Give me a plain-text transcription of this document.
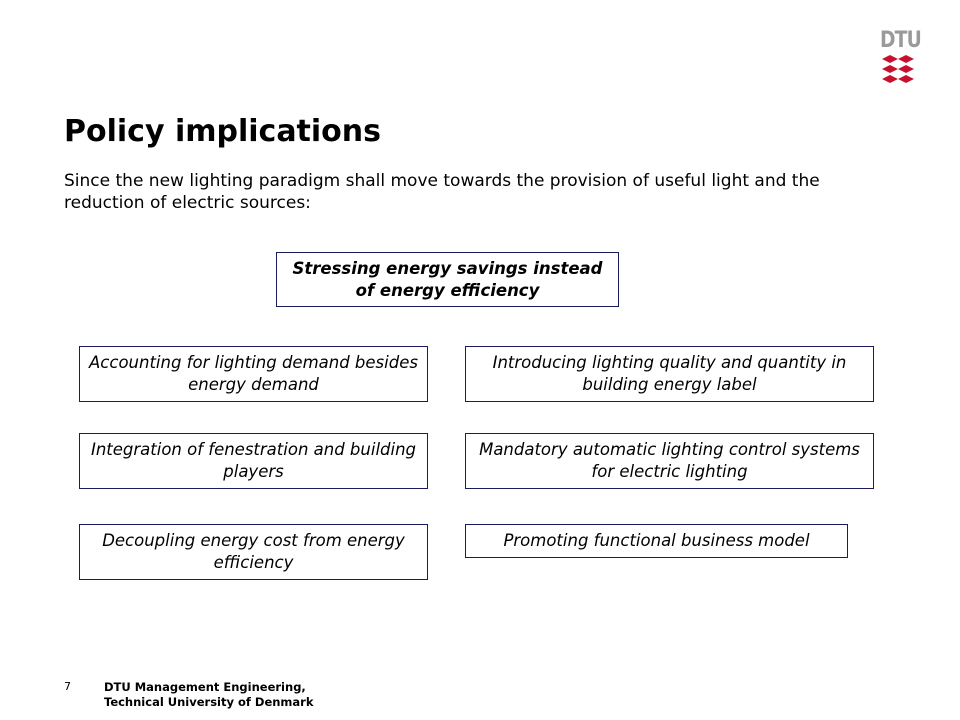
DTU
Policy implications

Since the new lighting paradigm shall move towards the provision of useful light and the reduction of electric sources:

Stressing energy savings instead of energy efficiency
Accounting for lighting demand besides energy demand
Introducing lighting quality and quantity in building energy label
Integration of fenestration and building players
Mandatory automatic lighting control systems for electric lighting
Decoupling energy cost from energy efficiency
Promoting functional business model
7	DTU Management Engineering,
Technical University of Denmark
